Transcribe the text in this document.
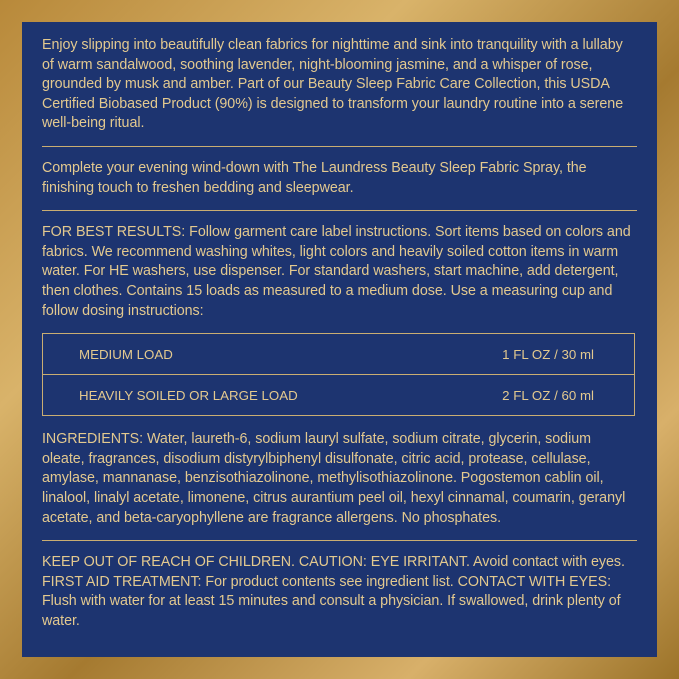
Enjoy slipping into beautifully clean fabrics for nighttime and sink into tranquility with a lullaby of warm sandalwood, soothing lavender, night-blooming jasmine, and a whisper of rose, grounded by musk and amber. Part of our Beauty Sleep Fabric Care Collection, this USDA Certified Biobased Product (90%) is designed to transform your laundry routine into a serene well-being ritual.

Complete your evening wind-down with The Laundress Beauty Sleep Fabric Spray, the finishing touch to freshen bedding and sleepwear.

FOR BEST RESULTS: Follow garment care label instructions. Sort items based on colors and fabrics. We recommend washing whites, light colors and heavily soiled cotton items in warm water. For HE washers, use dispenser. For standard washers, start machine, add detergent, then clothes. Contains 15 loads as measured to a medium dose. Use a measuring cup and follow dosing instructions:

MEDIUM LOAD	1 FL OZ / 30 ml

HEAVILY SOILED OR LARGE LOAD	2 FL OZ / 60 ml

INGREDIENTS: Water, laureth-6, sodium lauryl sulfate, sodium citrate, glycerin, sodium oleate, fragrances, disodium distyrylbiphenyl disulfonate, citric acid, protease, cellulase, amylase, mannanase, benzisothiazolinone, methylisothiazolinone. Pogostemon cablin oil, linalool, linalyl acetate, limonene, citrus aurantium peel oil, hexyl cinnamal, coumarin, geranyl acetate, and beta-caryophyllene are fragrance allergens. No phosphates.

KEEP OUT OF REACH OF CHILDREN. CAUTION: EYE IRRITANT. Avoid contact with eyes. FIRST AID TREATMENT: For product contents see ingredient list. CONTACT WITH EYES: Flush with water for at least 15 minutes and consult a physician. If swallowed, drink plenty of water.
